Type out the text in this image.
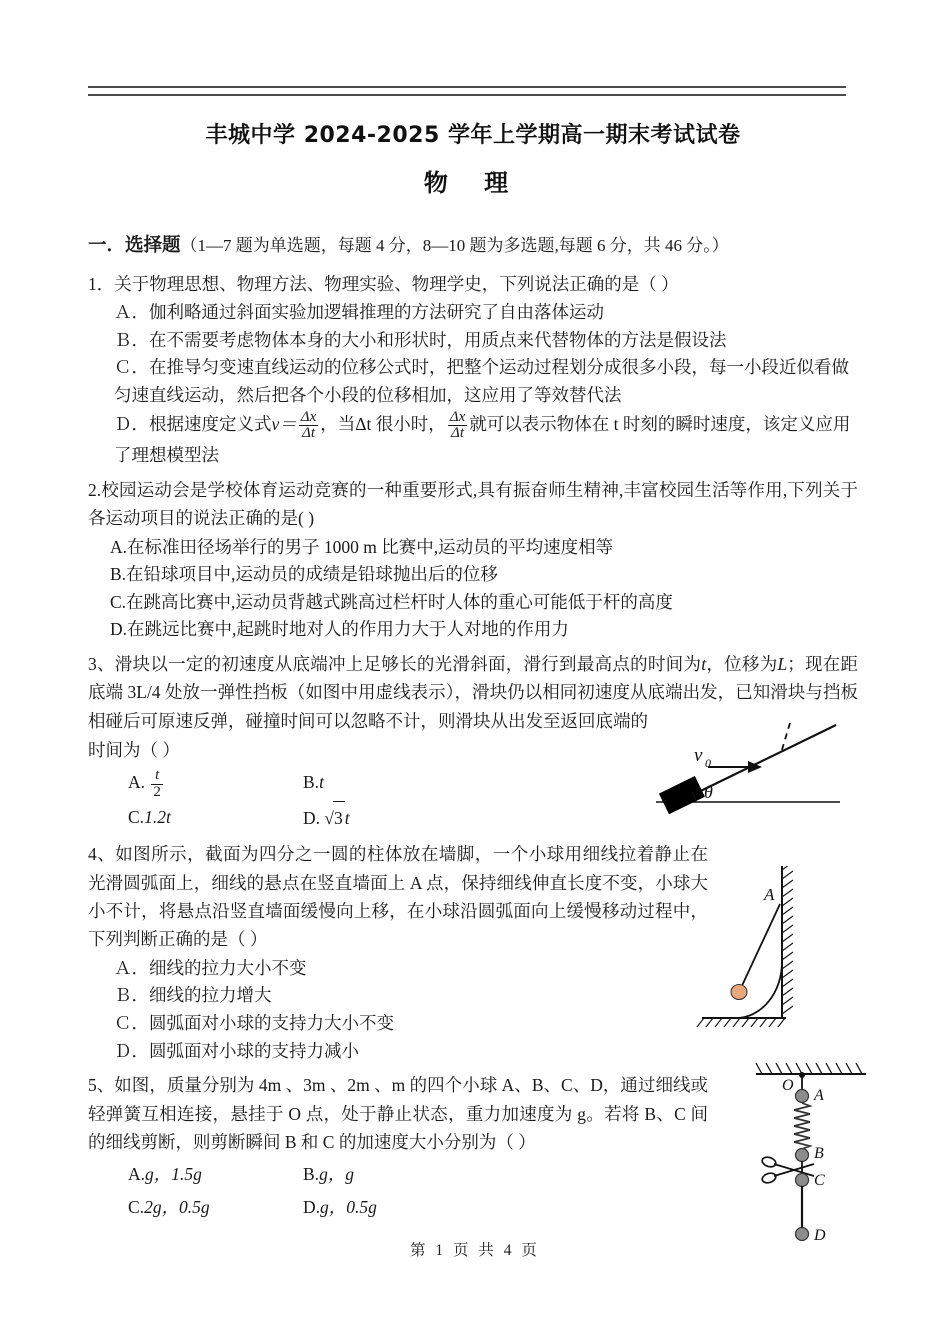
丰城中学 2024-2025 学年上学期高一期末考试试卷
物 理

一．选择题（1—7 题为单选题，每题 4 分，8—10 题为多选题,每题 6 分，共 46 分。）

1．关于物理思想、物理方法、物理实验、物理学史，下列说法正确的是（ ）

Ａ．伽利略通过斜面实验加逻辑推理的方法研究了自由落体运动

Ｂ．在不需要考虑物体本身的大小和形状时，用质点来代替物体的方法是假设法

Ｃ．在推导匀变速直线运动的位移公式时，把整个运动过程划分成很多小段，每一小段近似看做匀速直线运动，然后把各个小段的位移相加，这应用了等效替代法

Ｄ．根据速度定义式$v= \frac{\Delta x}{\Delta t}$ ，当Δt 很小时， $\frac{\Delta x}{\Delta t}$ 就可以表示物体在 t 时刻的瞬时速度，该定义应用了理想模型法

2.校园运动会是学校体育运动竞赛的一种重要形式,具有振奋师生精神,丰富校园生活等作用,下列关于各运动项目的说法正确的是( )

A.在标准田径场举行的男子 1000 m 比赛中,运动员的平均速度相等

B.在铅球项目中,运动员的成绩是铅球抛出后的位移

C.在跳高比赛中,运动员背越式跳高过栏杆时人体的重心可能低于杆的高度

D.在跳远比赛中,起跳时地对人的作用力大于人对地的作用力

3、滑块以一定的初速度从底端冲上足够长的光滑斜面，滑行到最高点的时间为t，位移为L；现在距底端 3L/4 处放一弹性挡板（如图中用虚线表示），滑块仍以相同初速度从底端出发，已知滑块与挡板相碰后可原速反弹，碰撞时间可以忽略不计，则滑块从出发至返回底端的

时间为（ ）

A. $\frac{t}{2}$	B.t
C.1.2t	D. √3 t

4、如图所示，截面为四分之一圆的柱体放在墙脚，一个小球用细线拉着静止在光滑圆弧面上，细线的悬点在竖直墙面上 A 点，保持细线伸直长度不变，小球大小不计，将悬点沿竖直墙面缓慢向上移，在小球沿圆弧面向上缓慢移动过程中，下列判断正确的是（ ）

Ａ．细线的拉力大小不变

Ｂ．细线的拉力增大

Ｃ．圆弧面对小球的支持力大小不变

Ｄ．圆弧面对小球的支持力减小

5、如图，质量分别为 4m 、3m 、2m 、m 的四个小球 A、B、C、D，通过细线或轻弹簧互相连接，悬挂于 O 点，处于静止状态，重力加速度为 g。若将 B、C 间的细线剪断，则剪断瞬间 B 和 C 的加速度大小分别为（ ）

A.g，1.5g	B.g，g
C.2g，0.5g	D.g，0.5g
v 0
θ
A
O
A
B
C
D
第 1 页 共 4 页
